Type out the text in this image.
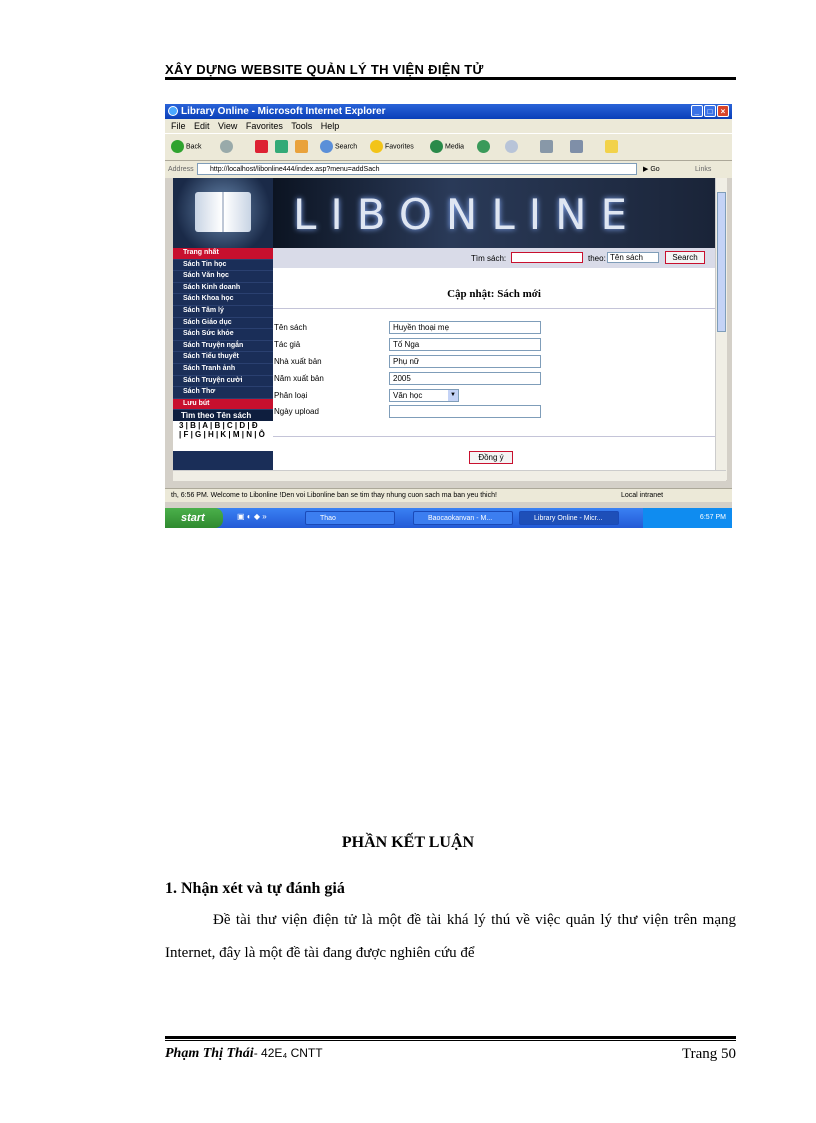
XÂY DỰNG WEBSITE QUẢN LÝ TH VIỆN ĐIỆN TỬ
Library Online - Microsoft Internet Explorer	_	□	×
File Edit View Favorites Tools Help
Back	Search	Favorites	Media
Address	http://localhost/libonline444/index.asp?menu=addSach	▶ Go	Links
LIBONLINE
Trang nhất
Sách Tin học
Sách Văn học
Sách Kinh doanh
Sách Khoa học
Sách Tâm lý
Sách Giáo dục
Sách Sức khỏe
Sách Truyện ngắn
Sách Tiểu thuyết
Sách Tranh ảnh
Sách Truyện cười
Sách Thơ
Lưu bút
Tìm theo Tên sách
3 | B | A | B | C | D | Đ
| F | G | H | K | M | N | Ô
Tìm sách:	theo: Tên sách	Search
Cập nhật: Sách mới
Tên sách	Huyền thoại mẹ
Tác giả	Tố Nga
Nhà xuất bản	Phụ nữ
Năm xuất bản	2005
Phân loại	Văn học	▼
Ngày upload
Đồng ý
th, 6:56 PM. Welcome to Libonline !Den voi Libonline ban se tim thay nhung cuon sach ma ban yeu thich!	Local intranet
start	▣ ◐ ◆ »	Thao	Baocaokanvan - M...	Library Online - Micr...	6:57 PM
PHẦN KẾT LUẬN
1. Nhận xét và tự đánh giá
Đề tài thư viện điện tử là một đề tài khá lý thú về việc quản lý thư viện trên mạng Internet, đây là một đề tài đang được nghiên cứu để
Phạm Thị Thái- 42E₄ CNTT	Trang 50
